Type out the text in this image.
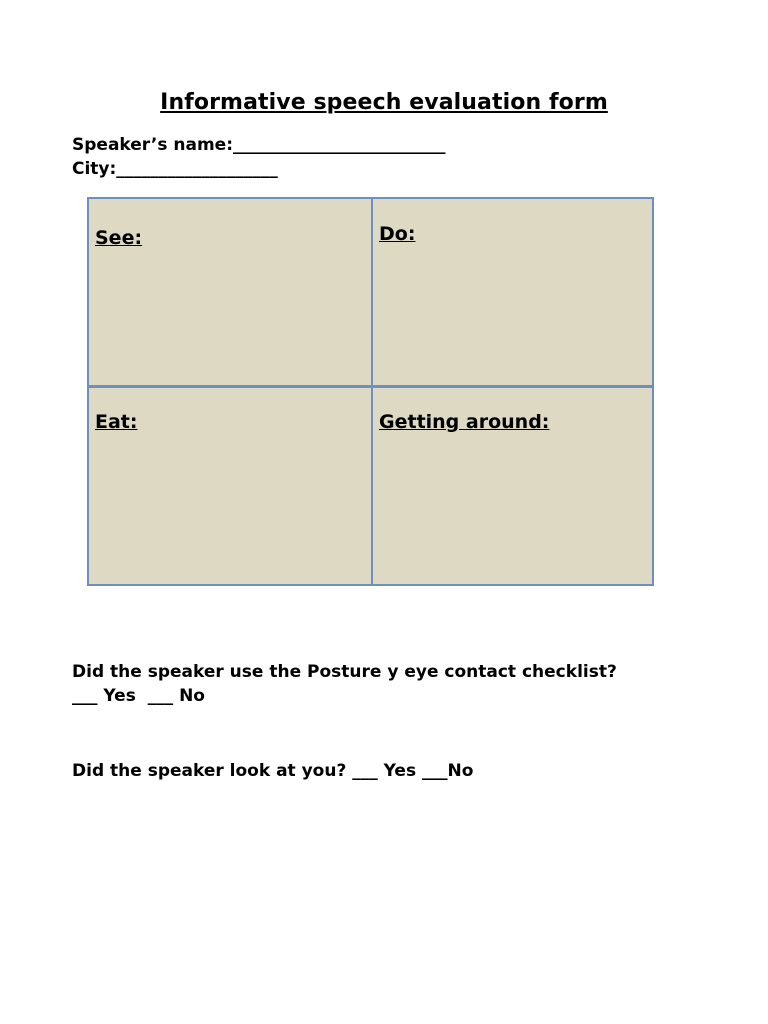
Informative speech evaluation form
Speaker’s name:_________________________
City:___________________
See:	Do:
Eat:	Getting around:
Did the speaker use the Posture y eye contact checklist?
___ Yes  ___ No
Did the speaker look at you? ___ Yes ___No
